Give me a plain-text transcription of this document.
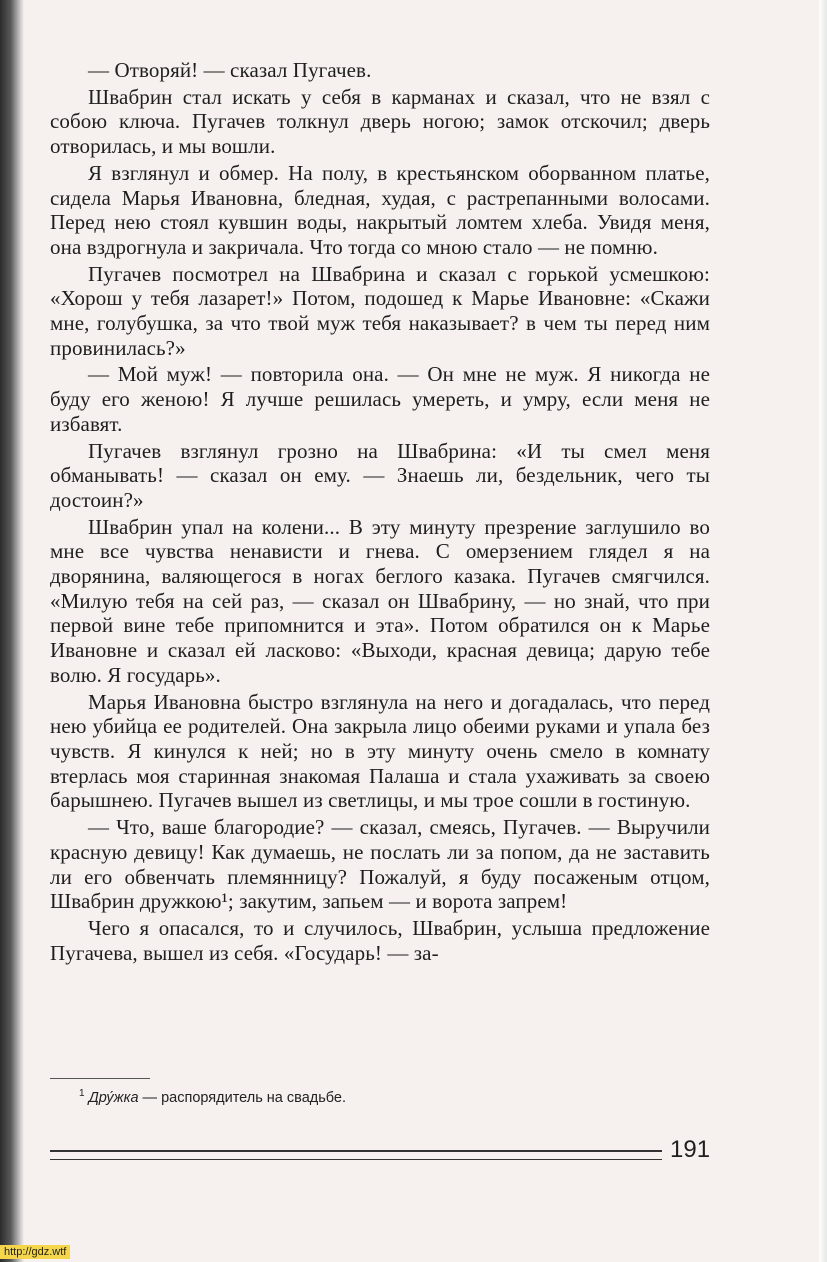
— Отворяй! — сказал Пугачев.

Швабрин стал искать у себя в карманах и сказал, что не взял с собою ключа. Пугачев толкнул дверь ногою; замок отскочил; дверь отворилась, и мы вошли.

Я взглянул и обмер. На полу, в крестьянском оборванном платье, сидела Марья Ивановна, бледная, худая, с растрепанными волосами. Перед нею стоял кувшин воды, накрытый ломтем хлеба. Увидя меня, она вздрогнула и закричала. Что тогда со мною стало — не помню.

Пугачев посмотрел на Швабрина и сказал с горькой усмешкою: «Хорош у тебя лазарет!» Потом, подошед к Марье Ивановне: «Скажи мне, голубушка, за что твой муж тебя наказывает? в чем ты перед ним провинилась?»

— Мой муж! — повторила она. — Он мне не муж. Я никогда не буду его женою! Я лучше решилась умереть, и умру, если меня не избавят.

Пугачев взглянул грозно на Швабрина: «И ты смел меня обманывать! — сказал он ему. — Знаешь ли, бездельник, чего ты достоин?»

Швабрин упал на колени... В эту минуту презрение заглушило во мне все чувства ненависти и гнева. С омерзением глядел я на дворянина, валяющегося в ногах беглого казака. Пугачев смягчился. «Милую тебя на сей раз, — сказал он Швабрину, — но знай, что при первой вине тебе припомнится и эта». Потом обратился он к Марье Ивановне и сказал ей ласково: «Выходи, красная девица; дарую тебе волю. Я государь».

Марья Ивановна быстро взглянула на него и догадалась, что перед нею убийца ее родителей. Она закрыла лицо обеими руками и упала без чувств. Я кинулся к ней; но в эту минуту очень смело в комнату втерлась моя старинная знакомая Палаша и стала ухаживать за своею барышнею. Пугачев вышел из светлицы, и мы трое сошли в гостиную.

— Что, ваше благородие? — сказал, смеясь, Пугачев. — Выручили красную девицу! Как думаешь, не послать ли за попом, да не заставить ли его обвенчать племянницу? Пожалуй, я буду посаженым отцом, Швабрин дружкою¹; закутим, запьем — и ворота запрем!

Чего я опасался, то и случилось, Швабрин, услыша предложение Пугачева, вышел из себя. «Государь! — за-

$^1$ Дру́жка — распорядитель на свадьбе.
191
http://gdz.wtf
